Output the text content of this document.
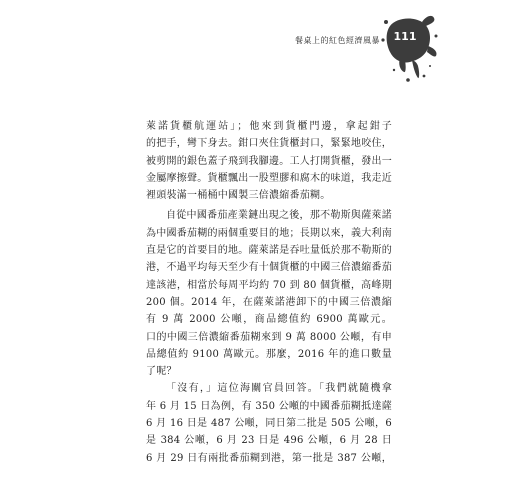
餐桌上的紅色經濟風暴	111
萊諾貨櫃航運站」；他來到貨櫃門邊，拿起鉗子
的把手，彎下身去。鉗口夾住貨櫃封口，緊緊地咬住，
被剪開的銀色蓋子飛到我腳邊。工人打開貨櫃，發出一
金屬摩擦聲。貨櫃飄出一股塑膠和腐木的味道，我走近
裡頭裝滿一桶桶中國製三倍濃縮番茄糊。
自從中國番茄產業鏈出現之後，那不勒斯與薩萊諾
為中國番茄糊的兩個重要目的地；長期以來，義大利南
直是它的首要目的地。薩萊諾是吞吐量低於那不勒斯的
港，不過平均每天至少有十個貨櫃的中國三倍濃縮番茄
達該港，相當於每周平均約 70 到 80 個貨櫃，高峰期
200 個。2014 年，在薩萊諾港卸下的中國三倍濃縮
有 9 萬 2000 公噸，商品總值約 6900 萬歐元。
口的中國三倍濃縮番茄糊來到 9 萬 8000 公噸，有申
品總值約 9100 萬歐元。那麼，2016 年的進口數量
了呢？
「沒有，」這位海關官員回答。「我們就隨機拿
年 6 月 15 日為例，有 350 公噸的中國番茄糊抵達薩
6 月 16 日是 487 公噸，同日第二批是 505 公噸，6
是 384 公噸，6 月 23 日是 496 公噸，6 月 28 日
6 月 29 日有兩批番茄糊到港，第一批是 387 公噸，
